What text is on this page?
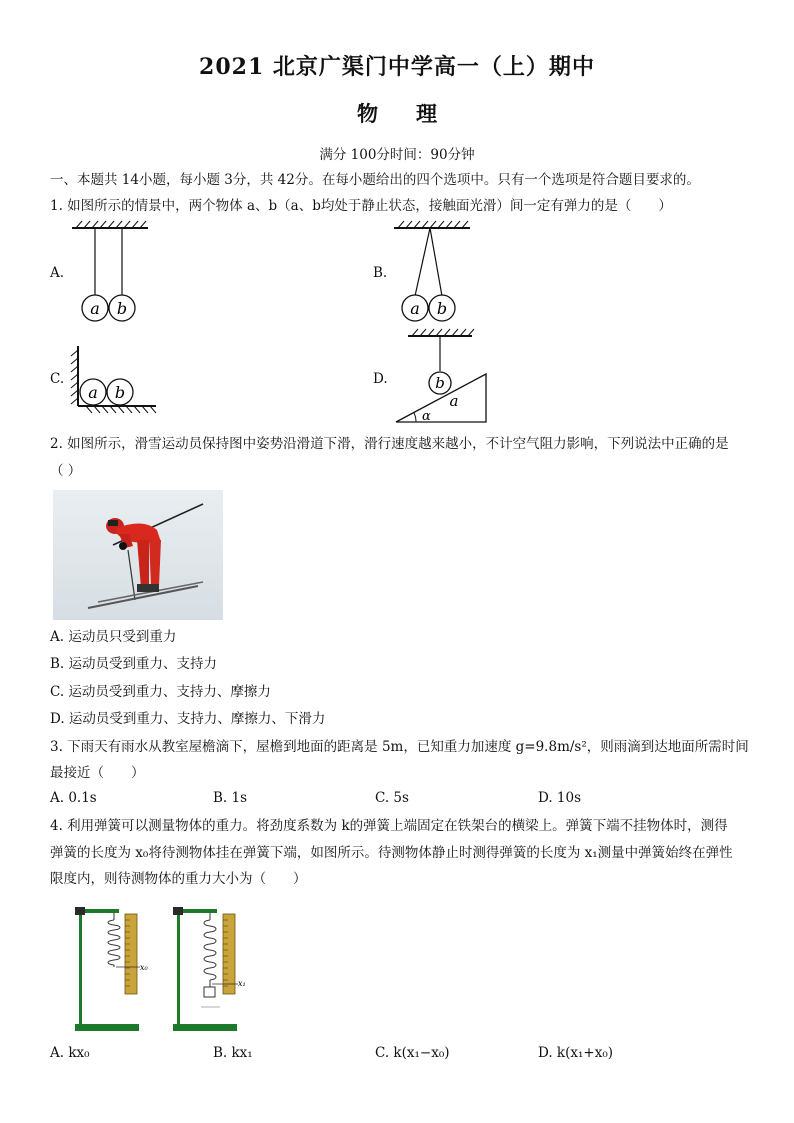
2021 北京广渠门中学高一（上）期中
物理
满分 100分时间：90分钟
一、本题共 14小题，每小题 3分，共 42分。在每小题给出的四个选项中。只有一个选项是符合题目要求的。
1. 如图所示的情景中，两个物体 a、b（a、b均处于静止状态，接触面光滑）间一定有弹力的是（　　）
A.	B.
C.	D.
a b	a b
a b	b
a
α
2. 如图所示，滑雪运动员保持图中姿势沿滑道下滑，滑行速度越来越小，不计空气阻力影响，下列说法中正确的是
（ ）
A. 运动员只受到重力
B. 运动员受到重力、支持力
C. 运动员受到重力、支持力、摩擦力
D. 运动员受到重力、支持力、摩擦力、下滑力
3. 下雨天有雨水从教室屋檐滴下，屋檐到地面的距离是 5m，已知重力加速度 g=9.8m/s²，则雨滴到达地面所需时间
最接近（　　）
A. 0.1s	B. 1s	C. 5s	D. 10s
4. 利用弹簧可以测量物体的重力。将劲度系数为 k的弹簧上端固定在铁架台的横梁上。弹簧下端不挂物体时，测得
弹簧的长度为 x₀将待测物体挂在弹簧下端，如图所示。待测物体静止时测得弹簧的长度为 x₁测量中弹簧始终在弹性
限度内，则待测物体的重力大小为（　　）
x₀
x₁
A. kx₀	B. kx₁	C. k(x₁−x₀)	D. k(x₁+x₀)
